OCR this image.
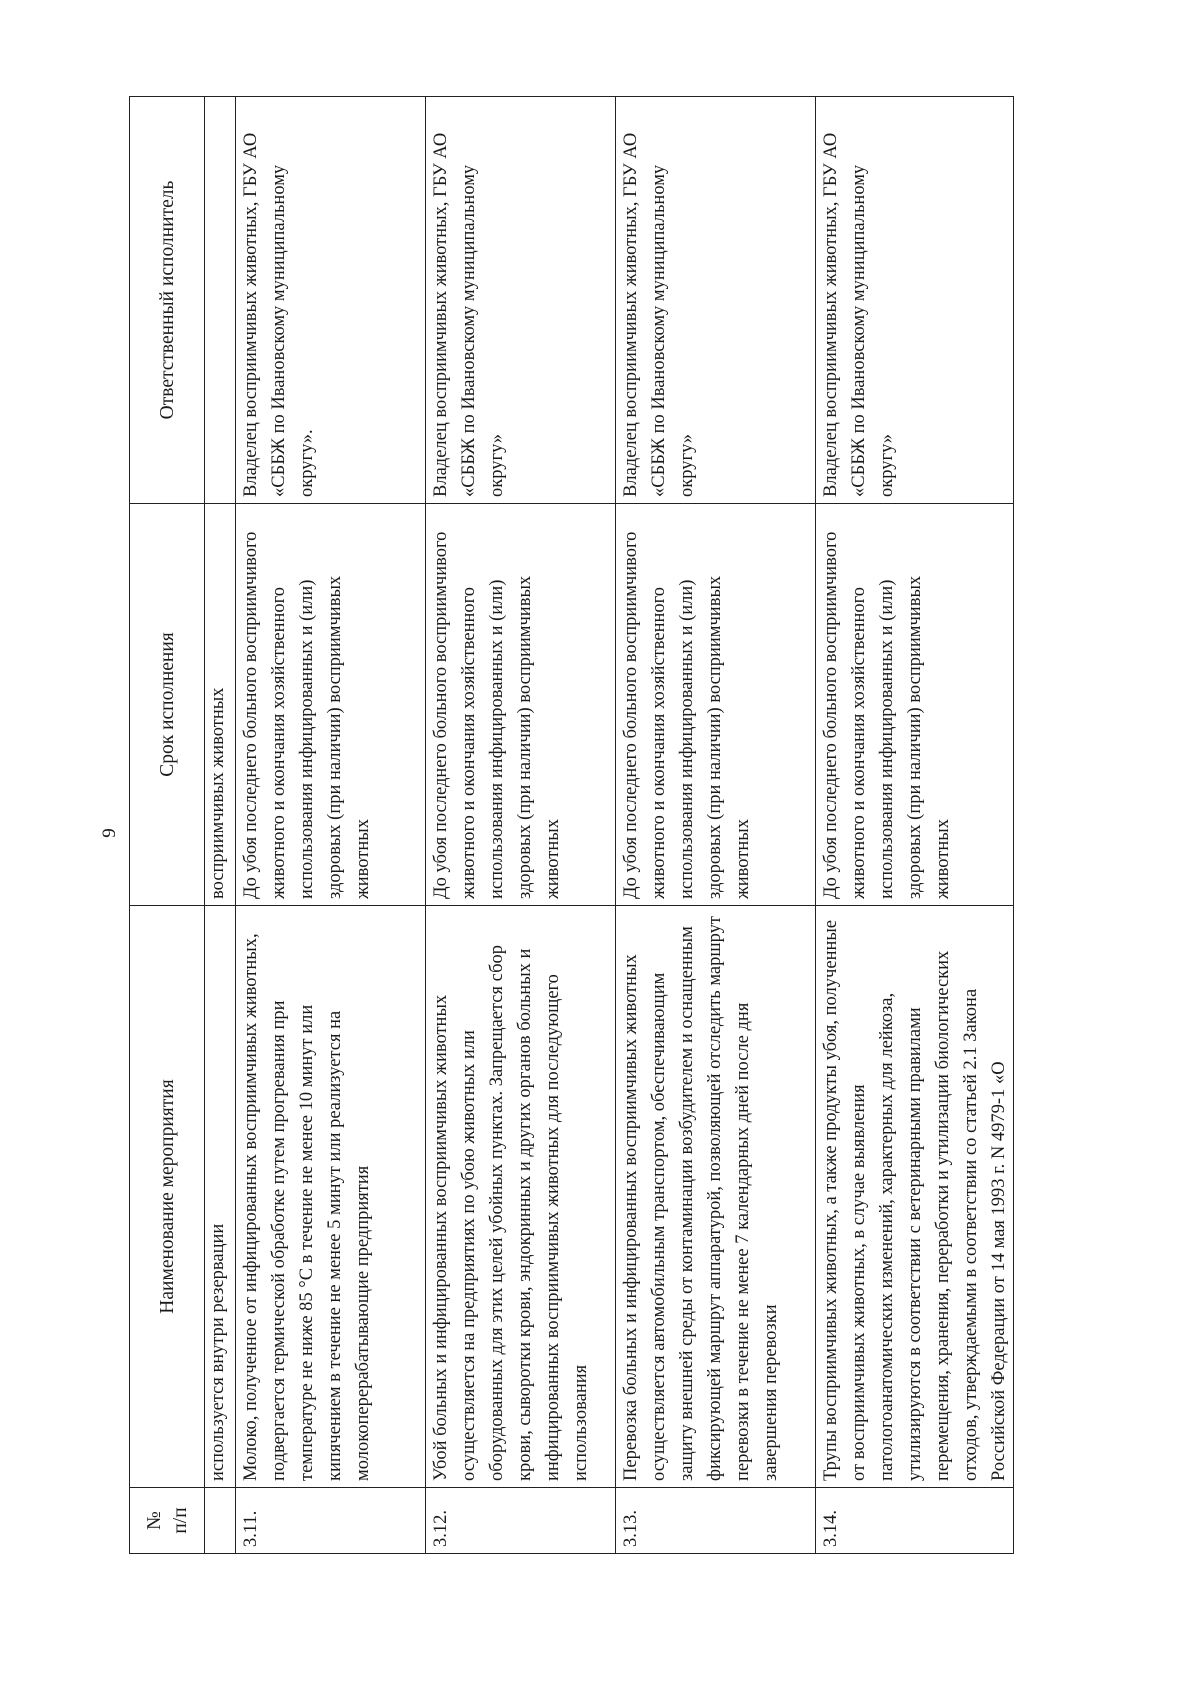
9
№
п/п	Наименование мероприятия	Срок исполнения	Ответственный исполнитель
	используется внутри резервации	восприимчивых животных	
3.11.	Молоко, полученное от инфицированных восприимчивых животных, подвергается термической обработке путем прогревания при температуре не ниже 85 °С в течение не менее 10 минут или кипячением в течение не менее 5 минут или реализуется на молокоперерабатывающие предприятия	До убоя последнего больного восприимчивого животного и окончания хозяйственного использования инфицированных и (или) здоровых (при наличии) восприимчивых животных	Владелец восприимчивых животных, ГБУ АО «СББЖ по Ивановскому муниципальному округу».
3.12.	Убой больных и инфицированных восприимчивых животных осуществляется на предприятиях по убою животных или оборудованных для этих целей убойных пунктах. Запрещается сбор крови, сыворотки крови, эндокринных и других органов больных и инфицированных восприимчивых животных для последующего использования	До убоя последнего больного восприимчивого животного и окончания хозяйственного использования инфицированных и (или) здоровых (при наличии) восприимчивых животных	Владелец восприимчивых животных, ГБУ АО «СББЖ по Ивановскому муниципальному округу»
3.13.	Перевозка больных и инфицированных восприимчивых животных осуществляется автомобильным транспортом, обеспечивающим защиту внешней среды от контаминации возбудителем и оснащенным фиксирующей маршрут аппаратурой, позволяющей отследить маршрут перевозки в течение не менее 7 календарных дней после дня завершения перевозки	До убоя последнего больного восприимчивого животного и окончания хозяйственного использования инфицированных и (или) здоровых (при наличии) восприимчивых животных	Владелец восприимчивых животных, ГБУ АО «СББЖ по Ивановскому муниципальному округу»
3.14.	Трупы восприимчивых животных, а также продукты убоя, полученные от восприимчивых животных, в случае выявления патологоанатомических изменений, характерных для лейкоза, утилизируются в соответствии с ветеринарными правилами перемещения, хранения, переработки и утилизации биологических отходов, утверждаемыми в соответствии со статьей 2.1 Закона Российской Федерации от 14 мая 1993 г. N 4979-1 «О	До убоя последнего больного восприимчивого животного и окончания хозяйственного использования инфицированных и (или) здоровых (при наличии) восприимчивых животных	Владелец восприимчивых животных, ГБУ АО «СББЖ по Ивановскому муниципальному округу»
